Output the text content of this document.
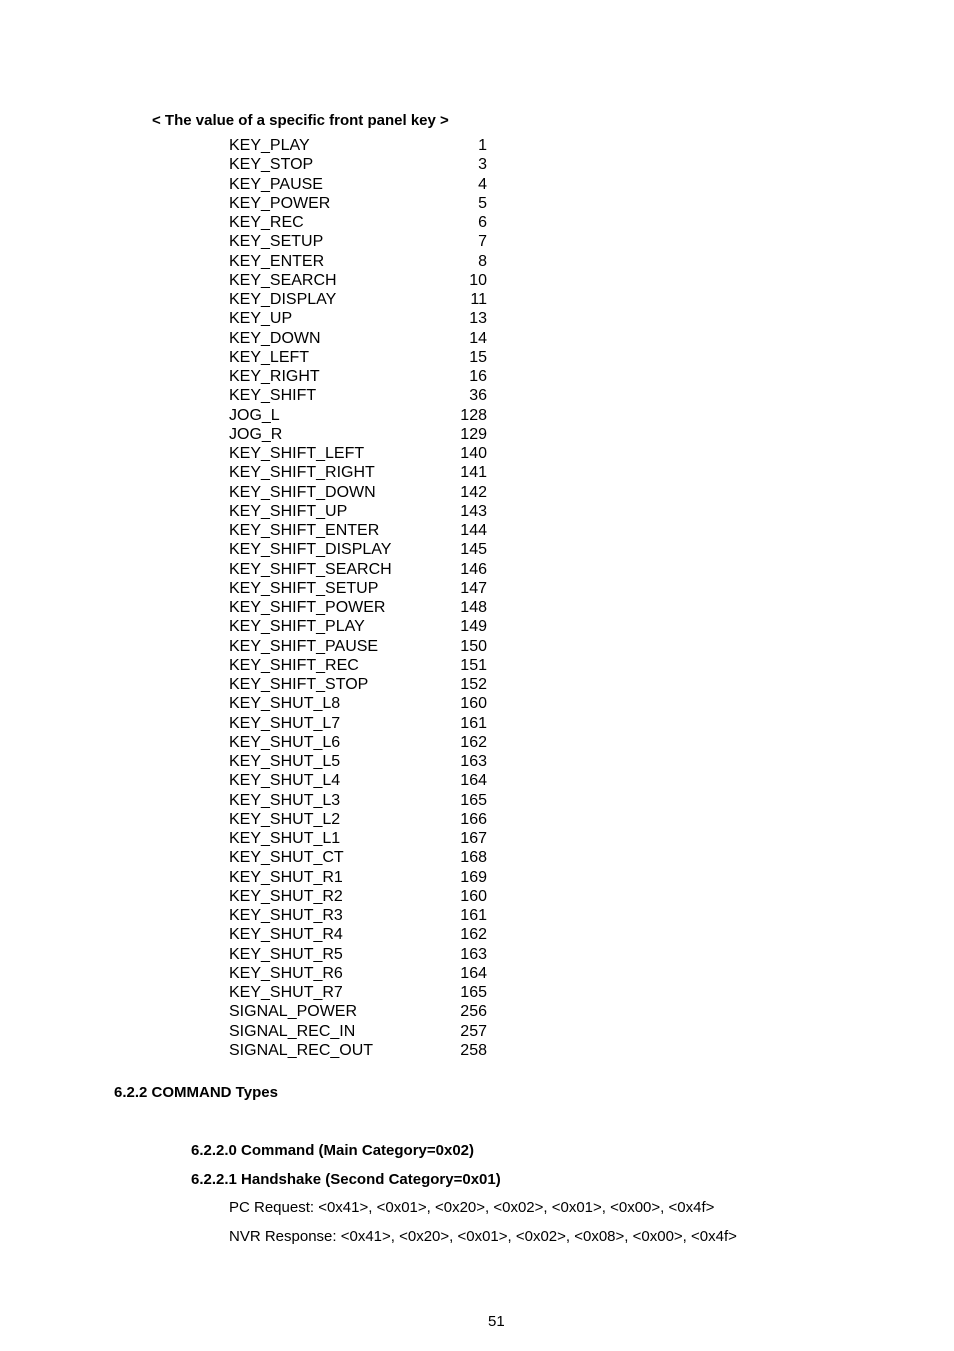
< The value of a specific front panel key >
KEY_PLAY	1
KEY_STOP	3
KEY_PAUSE	4
KEY_POWER	5
KEY_REC	6
KEY_SETUP	7
KEY_ENTER	8
KEY_SEARCH	10
KEY_DISPLAY	11
KEY_UP	13
KEY_DOWN	14
KEY_LEFT	15
KEY_RIGHT	16
KEY_SHIFT	36
JOG_L	128
JOG_R	129
KEY_SHIFT_LEFT	140
KEY_SHIFT_RIGHT	141
KEY_SHIFT_DOWN	142
KEY_SHIFT_UP	143
KEY_SHIFT_ENTER	144
KEY_SHIFT_DISPLAY	145
KEY_SHIFT_SEARCH	146
KEY_SHIFT_SETUP	147
KEY_SHIFT_POWER	148
KEY_SHIFT_PLAY	149
KEY_SHIFT_PAUSE	150
KEY_SHIFT_REC	151
KEY_SHIFT_STOP	152
KEY_SHUT_L8	160
KEY_SHUT_L7	161
KEY_SHUT_L6	162
KEY_SHUT_L5	163
KEY_SHUT_L4	164
KEY_SHUT_L3	165
KEY_SHUT_L2	166
KEY_SHUT_L1	167
KEY_SHUT_CT	168
KEY_SHUT_R1	169
KEY_SHUT_R2	160
KEY_SHUT_R3	161
KEY_SHUT_R4	162
KEY_SHUT_R5	163
KEY_SHUT_R6	164
KEY_SHUT_R7	165
SIGNAL_POWER	256
SIGNAL_REC_IN	257
SIGNAL_REC_OUT	258
6.2.2 COMMAND Types
6.2.2.0 Command (Main Category=0x02)
6.2.2.1 Handshake (Second Category=0x01)
PC Request: <0x41>, <0x01>, <0x20>, <0x02>, <0x01>, <0x00>, <0x4f>
NVR Response: <0x41>, <0x20>, <0x01>, <0x02>, <0x08>, <0x00>, <0x4f>
51
